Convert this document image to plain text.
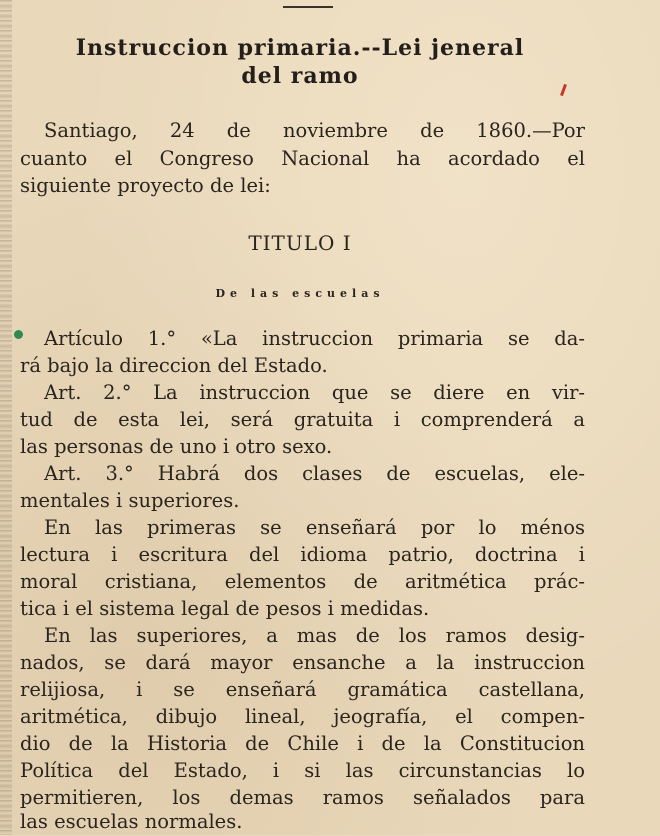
Instruccion primaria.--Lei jeneral
del ramo
Santiago, 24 de noviembre de 1860.—Por
cuanto el Congreso Nacional ha acordado el
siguiente proyecto de lei:
TITULO I
De las escuelas
Artículo 1.° «La instruccion primaria se da-
rá bajo la direccion del Estado.
Art. 2.° La instruccion que se diere en vir-
tud de esta lei, será gratuita i comprenderá a
las personas de uno i otro sexo.
Art. 3.° Habrá dos clases de escuelas, ele-
mentales i superiores.
En las primeras se enseñará por lo ménos
lectura i escritura del idioma patrio, doctrina i
moral cristiana, elementos de aritmética prác-
tica i el sistema legal de pesos i medidas.
En las superiores, a mas de los ramos desig-
nados, se dará mayor ensanche a la instruccion
relijiosa, i se enseñará gramática castellana,
aritmética, dibujo lineal, jeografía, el compen-
dio de la Historia de Chile i de la Constitucion
Política del Estado, i si las circunstancias lo
permitieren, los demas ramos señalados para
las escuelas normales.
